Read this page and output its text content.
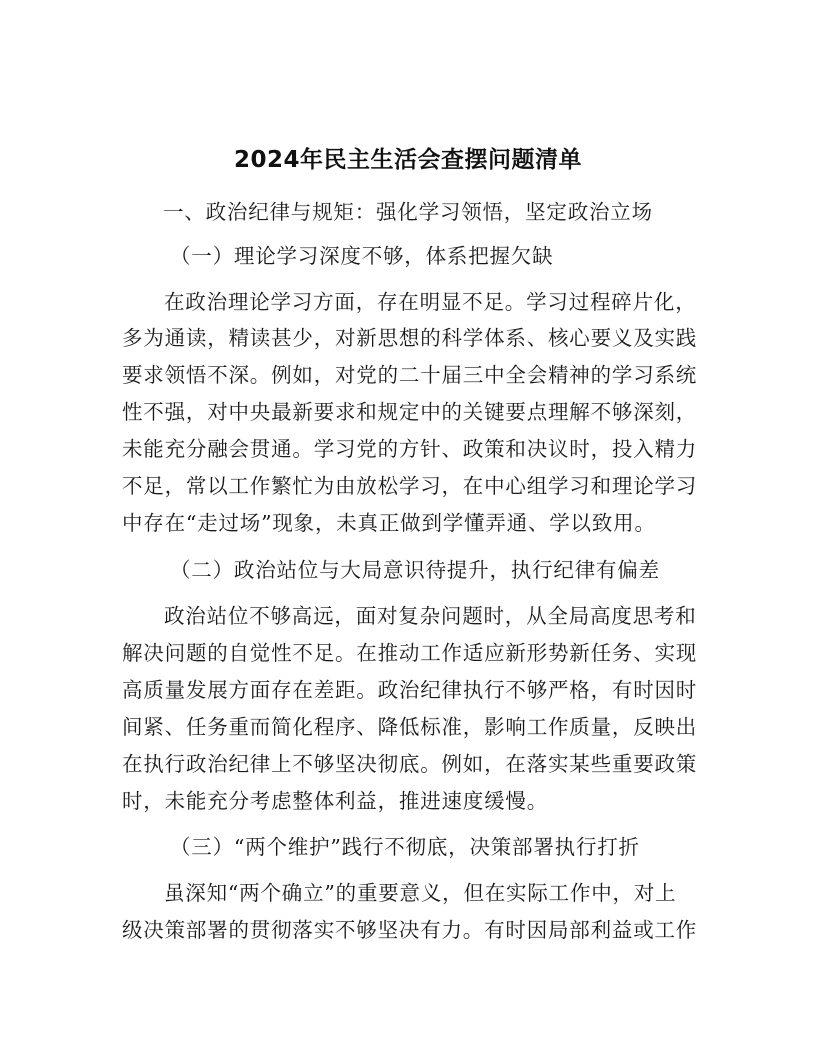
2024年民主生活会查摆问题清单
一、政治纪律与规矩：强化学习领悟，坚定政治立场
（一）理论学习深度不够，体系把握欠缺
在政治理论学习方面，存在明显不足。学习过程碎片化，
多为通读，精读甚少，对新思想的科学体系、核心要义及实践
要求领悟不深。例如，对党的二十届三中全会精神的学习系统
性不强，对中央最新要求和规定中的关键要点理解不够深刻，
未能充分融会贯通。学习党的方针、政策和决议时，投入精力
不足，常以工作繁忙为由放松学习，在中心组学习和理论学习
中存在“走过场”现象，未真正做到学懂弄通、学以致用。
（二）政治站位与大局意识待提升，执行纪律有偏差
政治站位不够高远，面对复杂问题时，从全局高度思考和
解决问题的自觉性不足。在推动工作适应新形势新任务、实现
高质量发展方面存在差距。政治纪律执行不够严格，有时因时
间紧、任务重而简化程序、降低标准，影响工作质量，反映出
在执行政治纪律上不够坚决彻底。例如，在落实某些重要政策
时，未能充分考虑整体利益，推进速度缓慢。
（三）“两个维护”践行不彻底，决策部署执行打折
虽深知“两个确立”的重要意义，但在实际工作中，对上
级决策部署的贯彻落实不够坚决有力。有时因局部利益或工作
